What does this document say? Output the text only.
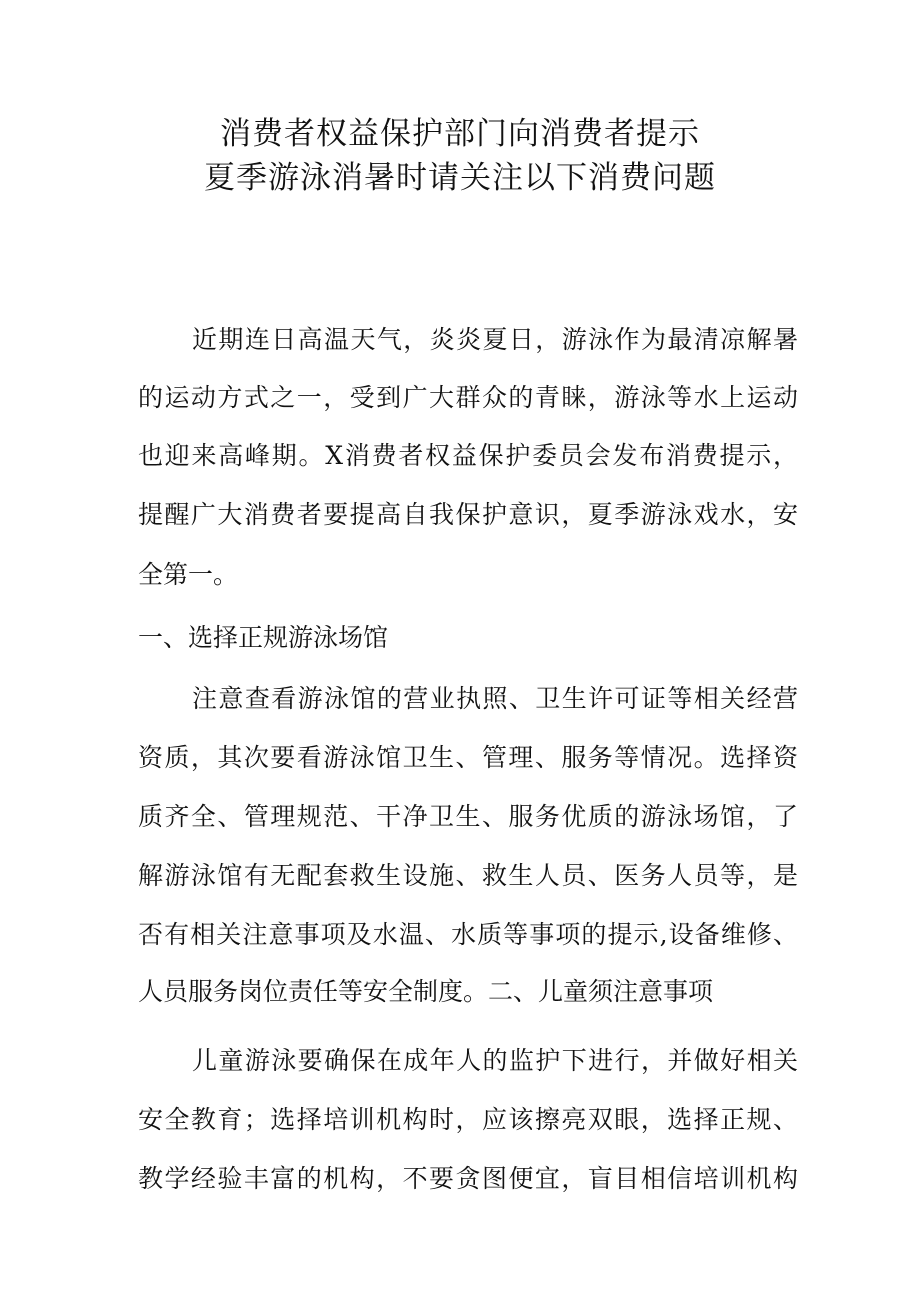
消费者权益保护部门向消费者提示
夏季游泳消暑时请关注以下消费问题
近期连日高温天气，炎炎夏日，游泳作为最清凉解暑
的运动方式之一，受到广大群众的青睐，游泳等水上运动
也迎来高峰期。X消费者权益保护委员会发布消费提示，
提醒广大消费者要提高自我保护意识，夏季游泳戏水，安
全第一。
一、选择正规游泳场馆
注意查看游泳馆的营业执照、卫生许可证等相关经营
资质，其次要看游泳馆卫生、管理、服务等情况。选择资
质齐全、管理规范、干净卫生、服务优质的游泳场馆，了
解游泳馆有无配套救生设施、救生人员、医务人员等，是
否有相关注意事项及水温、水质等事项的提示,设备维修、
人员服务岗位责任等安全制度。二、儿童须注意事项
儿童游泳要确保在成年人的监护下进行，并做好相关
安全教育；选择培训机构时，应该擦亮双眼，选择正规、
教学经验丰富的机构，不要贪图便宜，盲目相信培训机构
